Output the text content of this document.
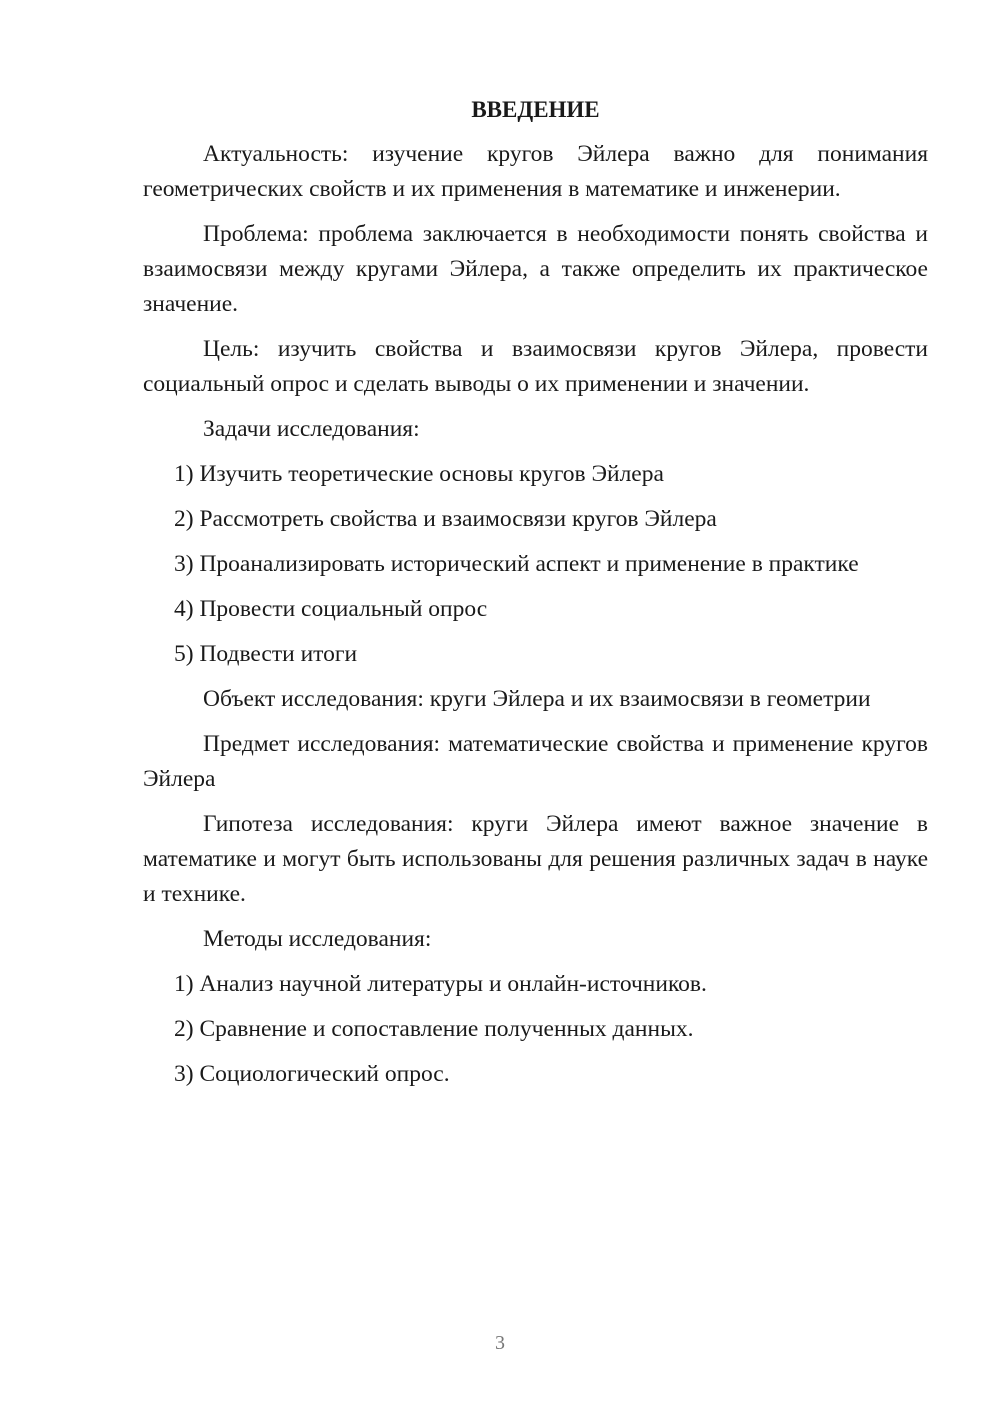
ВВЕДЕНИЕ

Актуальность: изучение кругов Эйлера важно для понимания геометрических свойств и их применения в математике и инженерии.

Проблема: проблема заключается в необходимости понять свойства и взаимосвязи между кругами Эйлера, а также определить их практическое значение.

Цель: изучить свойства и взаимосвязи кругов Эйлера, провести социальный опрос и сделать выводы о их применении и значении.

Задачи исследования:

1) Изучить теоретические основы кругов Эйлера

2) Рассмотреть свойства и взаимосвязи кругов Эйлера

3) Проанализировать исторический аспект и применение в практике

4) Провести социальный опрос

5) Подвести итоги

Объект исследования: круги Эйлера и их взаимосвязи в геометрии

Предмет исследования: математические свойства и применение кругов Эйлера

Гипотеза исследования: круги Эйлера имеют важное значение в математике и могут быть использованы для решения различных задач в науке и технике.

Методы исследования:

1) Анализ научной литературы и онлайн-источников.

2) Сравнение и сопоставление полученных данных.

3) Социологический опрос.

3
